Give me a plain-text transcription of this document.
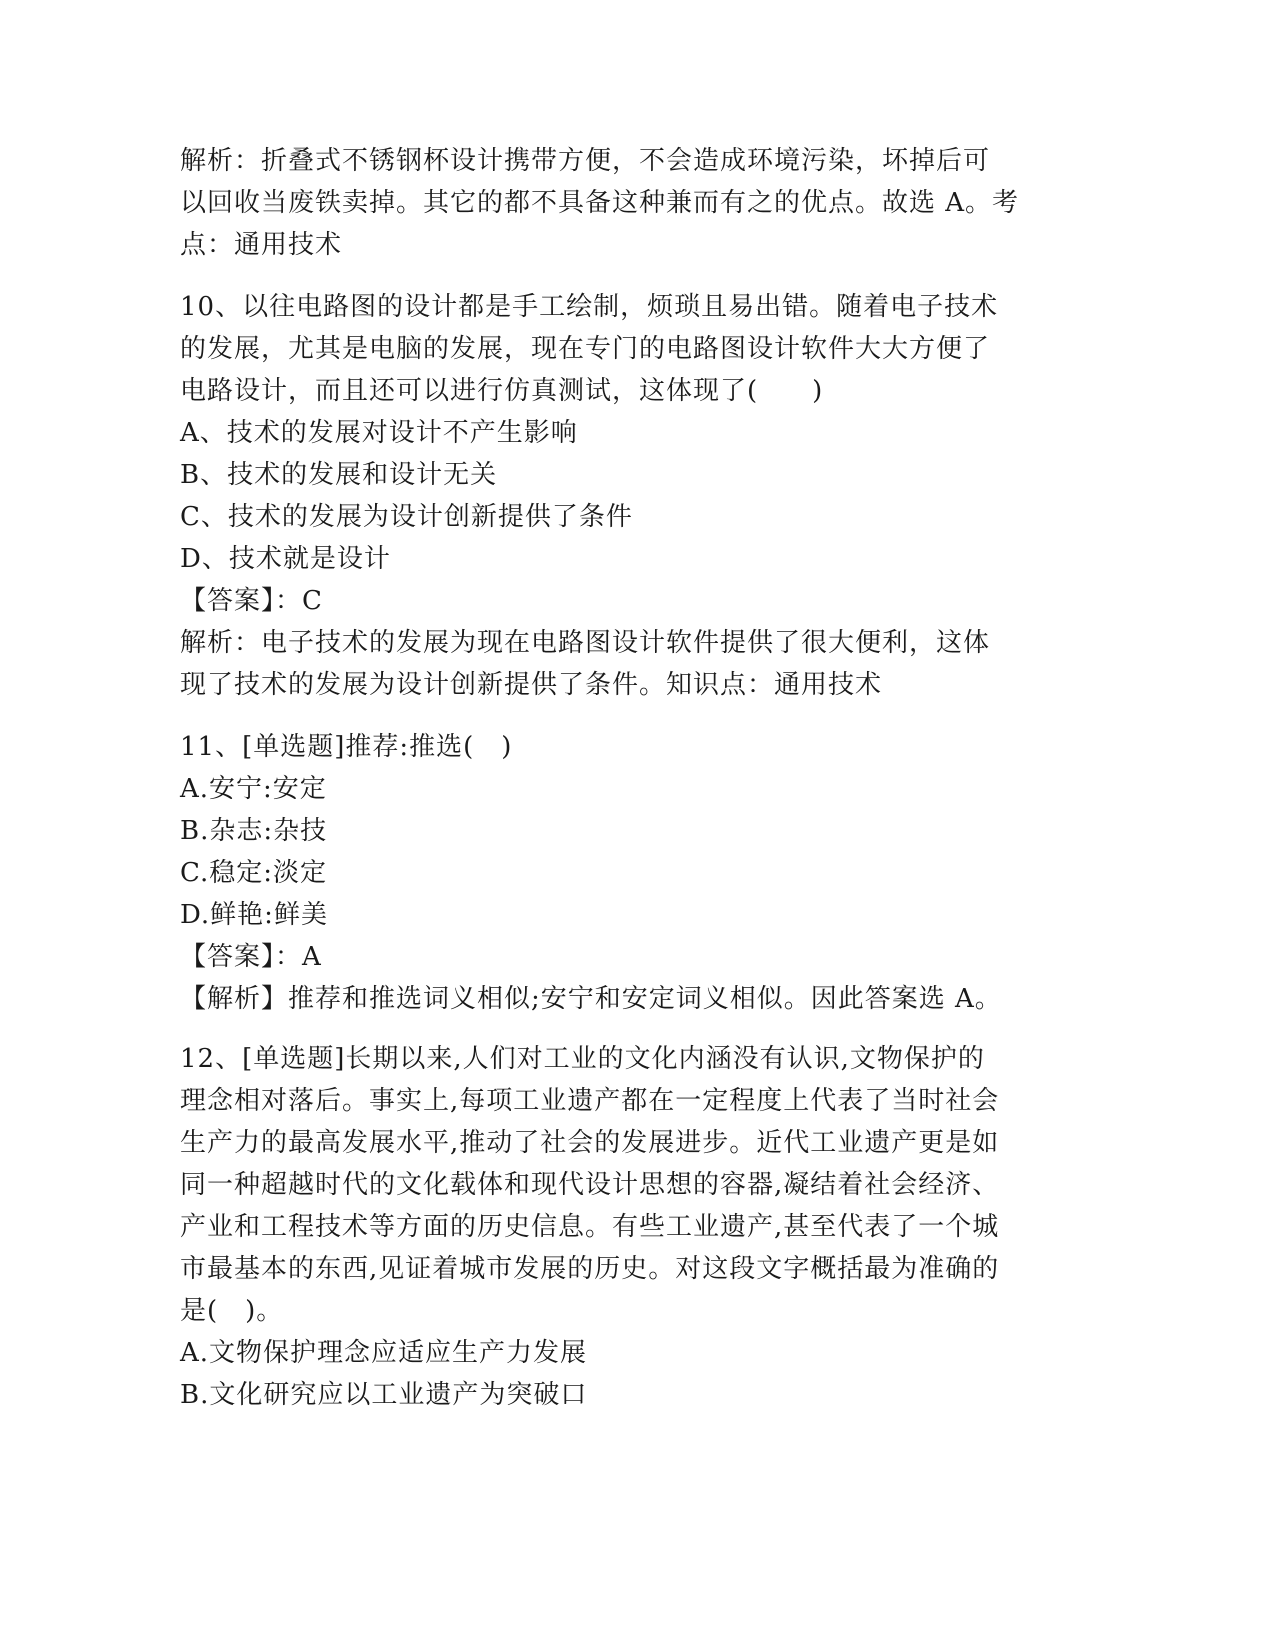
解析：折叠式不锈钢杯设计携带方便，不会造成环境污染，坏掉后可
以回收当废铁卖掉。其它的都不具备这种兼而有之的优点。故选 A。考
点：通用技术
10、以往电路图的设计都是手工绘制，烦琐且易出错。随着电子技术
的发展，尤其是电脑的发展，现在专门的电路图设计软件大大方便了
电路设计，而且还可以进行仿真测试，这体现了(　　)
A、技术的发展对设计不产生影响
B、技术的发展和设计无关
C、技术的发展为设计创新提供了条件
D、技术就是设计
【答案】：C
解析：电子技术的发展为现在电路图设计软件提供了很大便利，这体
现了技术的发展为设计创新提供了条件。知识点：通用技术
11、[单选题]推荐:推选(　)
A.安宁:安定
B.杂志:杂技
C.稳定:淡定
D.鲜艳:鲜美
【答案】：A
【解析】推荐和推选词义相似;安宁和安定词义相似。因此答案选 A。
12、[单选题]长期以来,人们对工业的文化内涵没有认识,文物保护的
理念相对落后。事实上,每项工业遗产都在一定程度上代表了当时社会
生产力的最高发展水平,推动了社会的发展进步。近代工业遗产更是如
同一种超越时代的文化载体和现代设计思想的容器,凝结着社会经济、
产业和工程技术等方面的历史信息。有些工业遗产,甚至代表了一个城
市最基本的东西,见证着城市发展的历史。对这段文字概括最为准确的
是(　)。
A.文物保护理念应适应生产力发展
B.文化研究应以工业遗产为突破口
